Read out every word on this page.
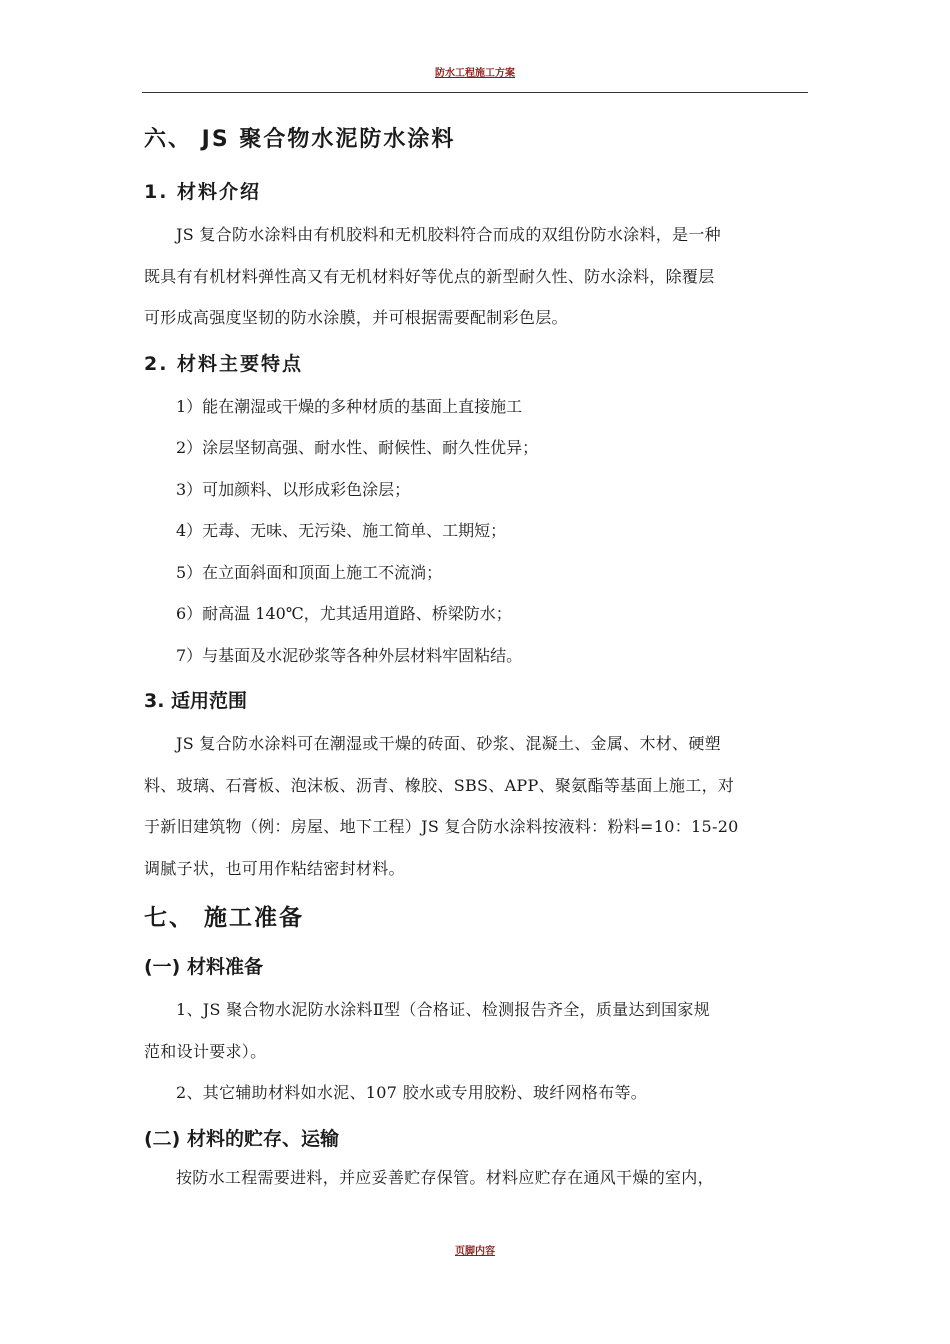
防水工程施工方案
六、 JS 聚合物水泥防水涂料
1. 材料介绍

JS 复合防水涂料由有机胶料和无机胶料符合而成的双组份防水涂料，是一种

既具有有机材料弹性高又有无机材料好等优点的新型耐久性、防水涂料，除覆层

可形成高强度坚韧的防水涂膜，并可根据需要配制彩色层。

2. 材料主要特点

1）能在潮湿或干燥的多种材质的基面上直接施工

2）涂层坚韧高强、耐水性、耐候性、耐久性优异；

3）可加颜料、以形成彩色涂层；

4）无毒、无味、无污染、施工简单、工期短；

5）在立面斜面和顶面上施工不流淌；

6）耐高温 140℃，尤其适用道路、桥梁防水；

7）与基面及水泥砂浆等各种外层材料牢固粘结。

3. 适用范围

JS 复合防水涂料可在潮湿或干燥的砖面、砂浆、混凝土、金属、木材、硬塑

料、玻璃、石膏板、泡沫板、沥青、橡胶、SBS、APP、聚氨酯等基面上施工，对

于新旧建筑物（例：房屋、地下工程）JS 复合防水涂料按液料：粉料=10：15-20

调腻子状，也可用作粘结密封材料。

七、 施工准备
(一) 材料准备

1、JS 聚合物水泥防水涂料Ⅱ型（合格证、检测报告齐全，质量达到国家规

范和设计要求）。

2、其它辅助材料如水泥、107 胶水或专用胶粉、玻纤网格布等。

(二) 材料的贮存、运输

按防水工程需要进料，并应妥善贮存保管。材料应贮存在通风干燥的室内，

页脚内容
